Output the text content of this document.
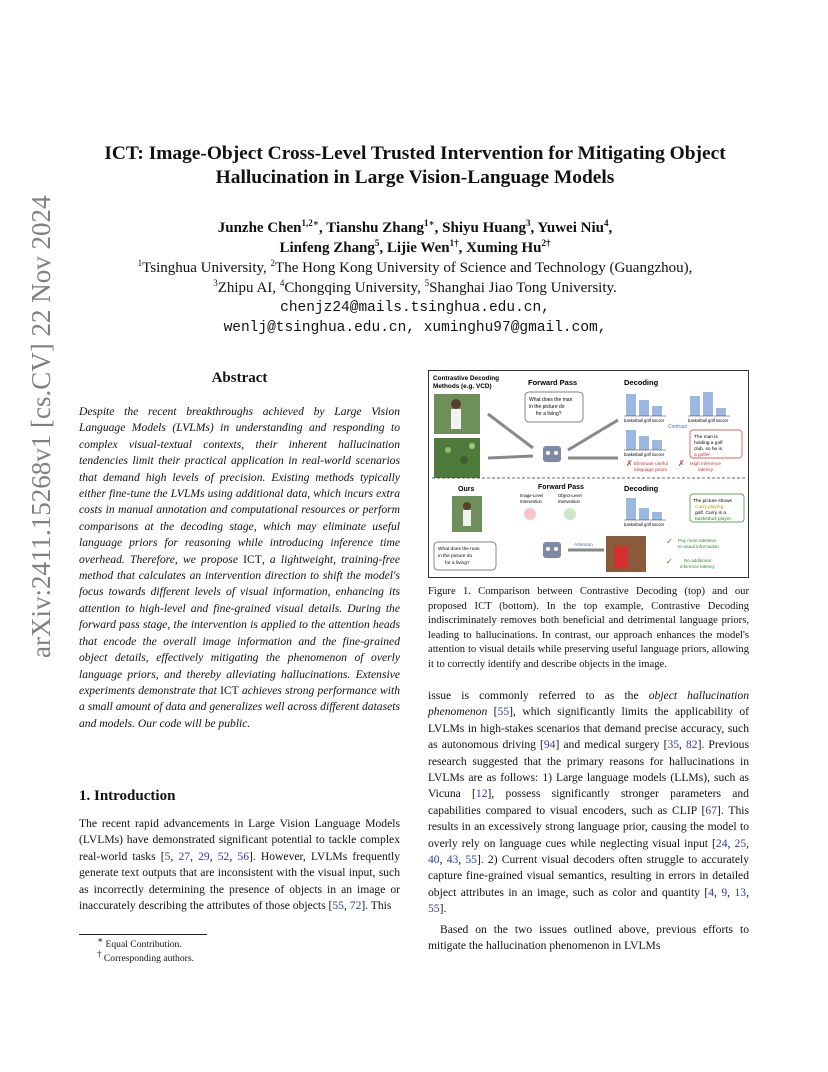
arXiv:2411.15268v1 [cs.CV] 22 Nov 2024
ICT: Image-Object Cross-Level Trusted Intervention for Mitigating Object
Hallucination in Large Vision-Language Models
Junzhe Chen$^{1,2∗}$, Tianshu Zhang$^{1∗}$, Shiyu Huang$^3$, Yuwei Niu$^4$,
Linfeng Zhang$^5$, Lijie Wen$^{1\dagger}$, Xuming $Hu^{2\dagger}$
$^1$Tsinghua University, $^2$The Hong Kong University of Science and Technology (Guangzhou),
$^3$Zhipu AI, $^4$Chongqing University, $^5$Shanghai Jiao Tong University.
chenjz24@mails.tsinghua.edu.cn,
wenlj@tsinghua.edu.cn, xuminghu97@gmail.com,
Abstract
Despite the recent breakthroughs achieved by Large Vision Language Models (LVLMs) in understanding and responding to complex visual-textual contexts, their inherent hallucination tendencies limit their practical application in real-world scenarios that demand high levels of precision. Existing methods typically either fine-tune the LVLMs using additional data, which incurs extra costs in manual annotation and computational resources or perform comparisons at the decoding stage, which may eliminate useful language priors for reasoning while introducing inference time overhead. Therefore, we propose ICT, a lightweight, training-free method that calculates an intervention direction to shift the model's focus towards different levels of visual information, enhancing its attention to high-level and fine-grained visual details. During the forward pass stage, the intervention is applied to the attention heads that encode the overall image information and the fine-grained object details, effectively mitigating the phenomenon of overly language priors, and thereby alleviating hallucinations. Extensive experiments demonstrate that ICT achieves strong performance with a small amount of data and generalizes well across different datasets and models. Our code will be public.
1. Introduction

The recent rapid advancements in Large Vision Language Models (LVLMs) have demonstrated significant potential to tackle complex real-world tasks [5, 27, 29, 52, 56]. However, LVLMs frequently generate text outputs that are inconsistent with the visual input, such as incorrectly determining the presence of objects in an image or inaccurately describing the attributes of those objects [55, 72]. This

∗ Equal Contribution.
† Corresponding authors.
Contrastive Decoding
Methods (e.g. VCD)	Forward Pass	Decoding
What does the man
in the picture do
for a living?
basketball golf soccer	basketball golf soccer
basketball golf soccer
Contrast
The man is
holding a golf
club, so he is
a golfer.
✗ Eliminate useful
language priors
✗ High inference
latency
Ours	Forward Pass	Decoding
Image-Level
Intervention
Object-Level
Intervention
What does the man
in the picture do
for a living?
Attention
basketball golf soccer
The picture shows
Curry playing
golf. Curry is a
basketball player.
✓ Pay more attention
to visual information
✓ No additional
inference latency
Figure 1. Comparison between Contrastive Decoding (top) and our proposed ICT (bottom). In the top example, Contrastive Decoding indiscriminately removes both beneficial and detrimental language priors, leading to hallucinations. In contrast, our approach enhances the model's attention to visual details while preserving useful language priors, allowing it to correctly identify and describe objects in the image.

issue is commonly referred to as the object hallucination phenomenon [55], which significantly limits the applicability of LVLMs in high-stakes scenarios that demand precise accuracy, such as autonomous driving [94] and medical surgery [35, 82]. Previous research suggested that the primary reasons for hallucinations in LVLMs are as follows: 1) Large language models (LLMs), such as Vicuna [12], possess significantly stronger parameters and capabilities compared to visual encoders, such as CLIP [67]. This results in an excessively strong language prior, causing the model to overly rely on language cues while neglecting visual input [24, 25, 40, 43, 55]. 2) Current visual decoders often struggle to accurately capture fine-grained visual semantics, resulting in errors in detailed object attributes in an image, such as color and quantity [4, 9, 13, 55].

Based on the two issues outlined above, previous efforts to mitigate the hallucination phenomenon in LVLMs
